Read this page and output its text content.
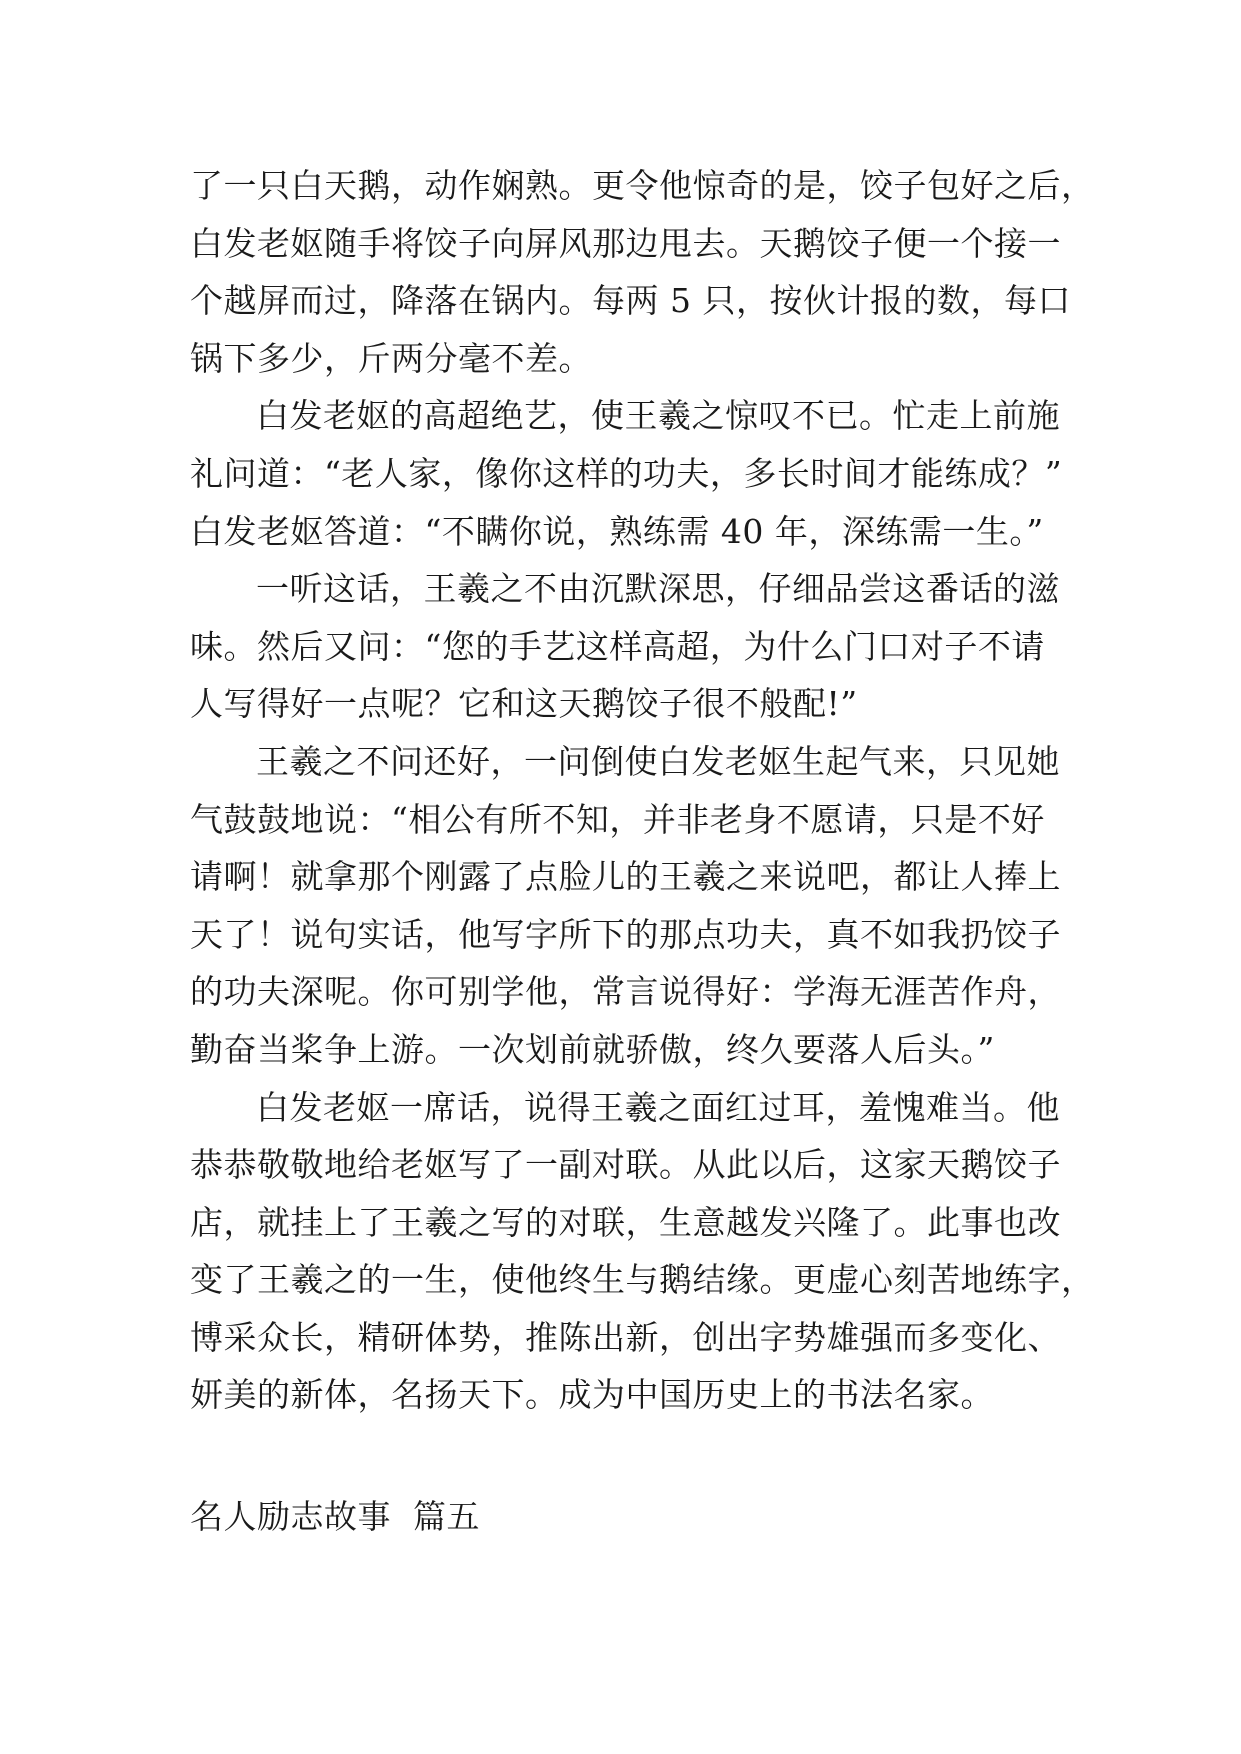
了一只白天鹅，动作娴熟。更令他惊奇的是，饺子包好之后，
白发老妪随手将饺子向屏风那边甩去。天鹅饺子便一个接一
个越屏而过，降落在锅内。每两 5 只，按伙计报的数，每口
锅下多少，斤两分毫不差。

白发老妪的高超绝艺，使王羲之惊叹不已。忙走上前施
礼问道：“老人家，像你这样的功夫，多长时间才能练成？”
白发老妪答道：“不瞒你说，熟练需 40 年，深练需一生。”

一听这话，王羲之不由沉默深思，仔细品尝这番话的滋
味。然后又问：“您的手艺这样高超，为什么门口对子不请
人写得好一点呢？它和这天鹅饺子很不般配!”

王羲之不问还好，一问倒使白发老妪生起气来，只见她
气鼓鼓地说：“相公有所不知，并非老身不愿请，只是不好
请啊！就拿那个刚露了点脸儿的王羲之来说吧，都让人捧上
天了！说句实话，他写字所下的那点功夫，真不如我扔饺子
的功夫深呢。你可别学他，常言说得好：学海无涯苦作舟，
勤奋当桨争上游。一次划前就骄傲，终久要落人后头。”

白发老妪一席话，说得王羲之面红过耳，羞愧难当。他
恭恭敬敬地给老妪写了一副对联。从此以后，这家天鹅饺子
店，就挂上了王羲之写的对联，生意越发兴隆了。此事也改
变了王羲之的一生，使他终生与鹅结缘。更虚心刻苦地练字，
博采众长，精研体势，推陈出新，创出字势雄强而多变化、
妍美的新体，名扬天下。成为中国历史上的书法名家。

名人励志故事  篇五
